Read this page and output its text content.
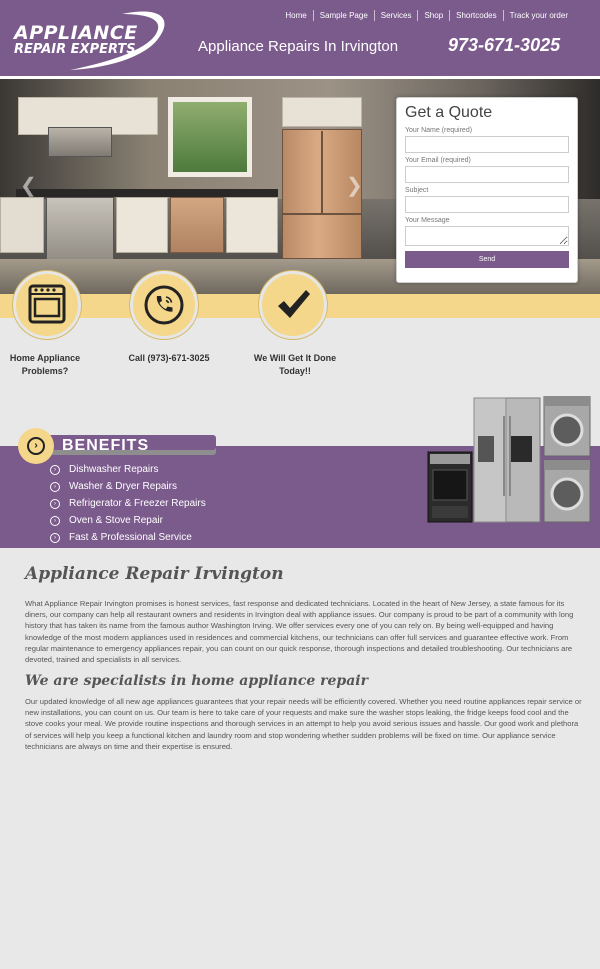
APPLIANCE
REPAIR EXPERTS
Home	Sample Page	Services	Shop	Shortcodes	Track your order
Appliance Repairs In Irvington	973-671-3025
❮	❯
Get a Quote
Your Name (required)
Your Email (required)
Subject
Your Message
Send
Home Appliance Problems?
Call (973)-671-3025	We Will Get It Done Today!!
›	BENEFITS
›	Dishwasher Repairs
›	Washer & Dryer Repairs
›	Refrigerator & Freezer Repairs
›	Oven & Stove Repair
›	Fast & Professional Service
Appliance Repair Irvington
What Appliance Repair Irvington promises is honest services, fast response and dedicated technicians. Located in the heart of New Jersey, a state famous for its diners, our company can help all restaurant owners and residents in Irvington deal with appliance issues. Our company is proud to be part of a community with long history that has taken its name from the famous author Washington Irving. We offer services every one of you can rely on. By being well-equipped and having knowledge of the most modern appliances used in residences and commercial kitchens, our technicians can offer full services and guarantee effective work. From regular maintenance to emergency appliances repair, you can count on our quick response, thorough inspections and detailed troubleshooting. Our technicians are devoted, trained and specialists in all services.
We are specialists in home appliance repair
Our updated knowledge of all new age appliances guarantees that your repair needs will be efficiently covered. Whether you need routine appliances repair service or new installations, you can count on us. Our team is here to take care of your requests and make sure the washer stops leaking, the fridge keeps food cool and the stove cooks your meal. We provide routine inspections and thorough services in an attempt to help you avoid serious issues and hassle. Our good work and plethora of services will help you keep a functional kitchen and laundry room and stop wondering whether sudden problems will be fixed on time. Our appliance service technicians are always on time and their expertise is ensured.
